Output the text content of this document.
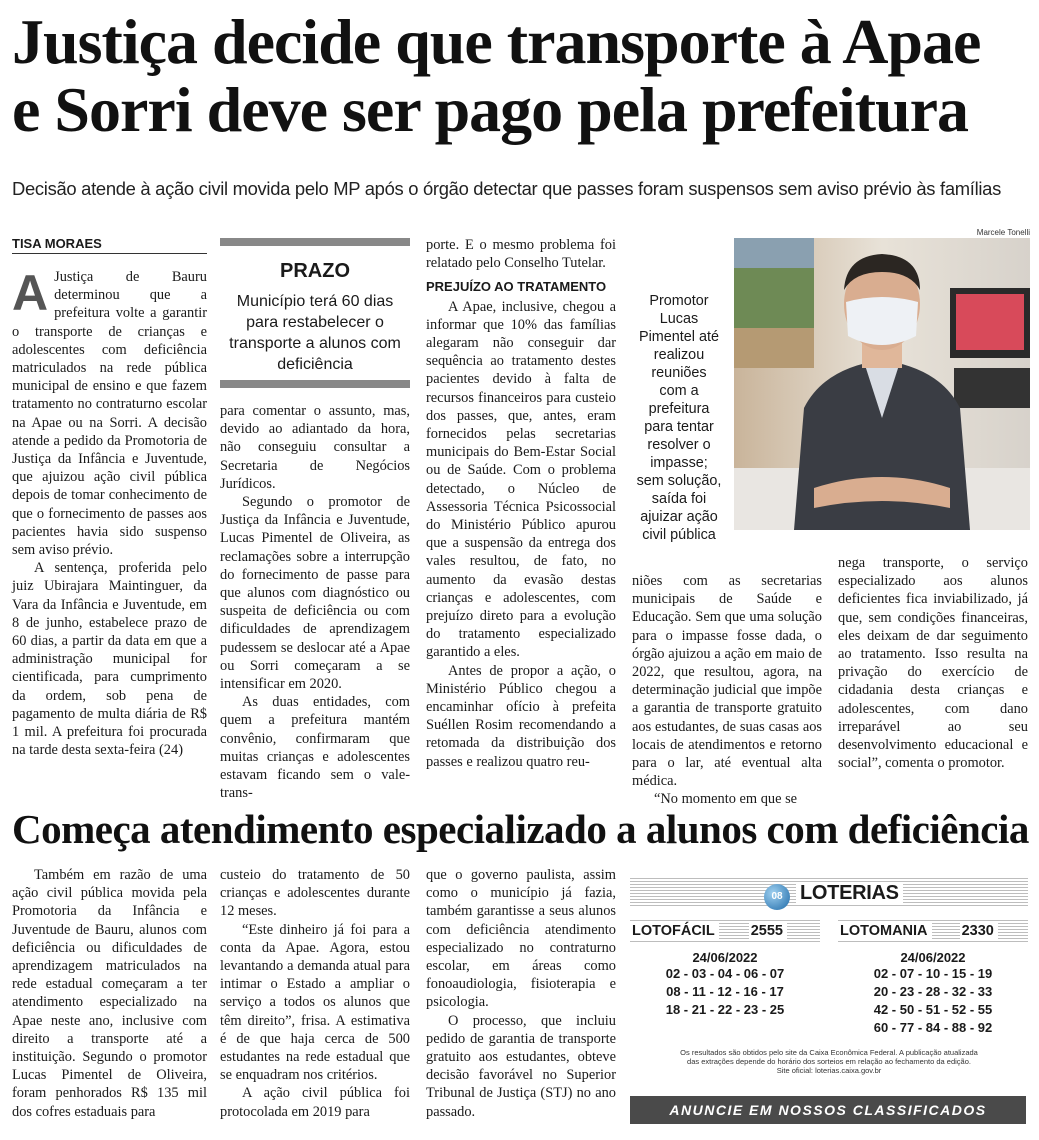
Justiça decide que transporte à Apae
e Sorri deve ser pago pela prefeitura
Decisão atende à ação civil movida pelo MP após o órgão detectar que passes foram suspensos sem aviso prévio às famílias
TISA MORAES

A Justiça de Bauru determinou que a prefeitura volte a garantir o transporte de crianças e adolescentes com deficiência matriculados na rede pública municipal de ensino e que fazem tratamento no contraturno escolar na Apae ou na Sorri. A decisão atende a pedido da Promotoria de Justiça da Infância e Juventude, que ajuizou ação civil pública depois de tomar conhecimento de que o fornecimento de passes aos pacientes havia sido suspenso sem aviso prévio.

A sentença, proferida pelo juiz Ubirajara Maintinguer, da Vara da Infância e Juventude, em 8 de junho, estabelece prazo de 60 dias, a partir da data em que a administração municipal for cientificada, para cumprimento da ordem, sob pena de pagamento de multa diária de R$ 1 mil. A prefeitura foi procurada na tarde desta sexta-feira (24)

PRAZO
Município terá 60 dias para restabelecer o transporte a alunos com deficiência

para comentar o assunto, mas, devido ao adiantado da hora, não conseguiu consultar a Secretaria de Negócios Jurídicos.

Segundo o promotor de Justiça da Infância e Juventude, Lucas Pimentel de Oliveira, as reclamações sobre a interrupção do fornecimento de passe para que alunos com diagnóstico ou suspeita de deficiência ou com dificuldades de aprendizagem pudessem se deslocar até a Apae ou Sorri começaram a se intensificar em 2020.

As duas entidades, com quem a prefeitura mantém convênio, confirmaram que muitas crianças e adolescentes estavam ficando sem o vale-trans-

porte. E o mesmo problema foi relatado pelo Conselho Tutelar.

PREJUÍZO AO TRATAMENTO

A Apae, inclusive, chegou a informar que 10% das famílias alegaram não conseguir dar sequência ao tratamento destes pacientes devido à falta de recursos financeiros para custeio dos passes, que, antes, eram fornecidos pelas secretarias municipais do Bem-Estar Social ou de Saúde. Com o problema detectado, o Núcleo de Assessoria Técnica Psicossocial do Ministério Público apurou que a suspensão da entrega dos vales resultou, de fato, no aumento da evasão destas crianças e adolescentes, com prejuízo direto para a evolução do tratamento especializado garantido a eles.

Antes de propor a ação, o Ministério Público chegou a encaminhar ofício à prefeita Suéllen Rosim recomendando a retomada da distribuição dos passes e realizou quatro reu-

Marcele Tonelli
Promotor Lucas Pimentel até realizou reuniões com a prefeitura para tentar resolver o impasse; sem solução, saída foi ajuizar ação civil pública

niões com as secretarias municipais de Saúde e Educação. Sem que uma solução para o impasse fosse dada, o órgão ajuizou a ação em maio de 2022, que resultou, agora, na determinação judicial que impõe a garantia de transporte gratuito aos estudantes, de suas casas aos locais de atendimentos e retorno para o lar, até eventual alta médica.

“No momento em que se

nega transporte, o serviço especializado aos alunos deficientes fica inviabilizado, já que, sem condições financeiras, eles deixam de dar seguimento ao tratamento. Isso resulta na privação do exercício de cidadania desta crianças e adolescentes, com dano irreparável ao seu desenvolvimento educacional e social”, comenta o promotor.

Começa atendimento especializado a alunos com deficiência

Também em razão de uma ação civil pública movida pela Promotoria da Infância e Juventude de Bauru, alunos com deficiência ou dificuldades de aprendizagem matriculados na rede estadual começaram a ter atendimento especializado na Apae neste ano, inclusive com direito a transporte até a instituição. Segundo o promotor Lucas Pimentel de Oliveira, foram penhorados R$ 135 mil dos cofres estaduais para

custeio do tratamento de 50 crianças e adolescentes durante 12 meses.

“Este dinheiro já foi para a conta da Apae. Agora, estou levantando a demanda atual para intimar o Estado a ampliar o serviço a todos os alunos que têm direito”, frisa. A estimativa é de que haja cerca de 500 estudantes na rede estadual que se enquadram nos critérios.

A ação civil pública foi protocolada em 2019 para

que o governo paulista, assim como o município já fazia, também garantisse a seus alunos com deficiência atendimento especializado no contraturno escolar, em áreas como fonoaudiologia, fisioterapia e psicologia.

O processo, que incluiu pedido de garantia de transporte gratuito aos estudantes, obteve decisão favorável no Superior Tribunal de Justiça (STJ) no ano passado.

08 LOTERIAS
LOTOFÁCIL 2555
24/06/2022
02 - 03 - 04 - 06 - 07
08 - 11 - 12 - 16 - 17
18 - 21 - 22 - 23 - 25
LOTOMANIA 2330
24/06/2022
02 - 07 - 10 - 15 - 19
20 - 23 - 28 - 32 - 33
42 - 50 - 51 - 52 - 55
60 - 77 - 84 - 88 - 92
Os resultados são obtidos pelo site da Caixa Econômica Federal. A publicação atualizada
das extrações depende do horário dos sorteios em relação ao fechamento da edição.
Site oficial: loterias.caixa.gov.br
ANUNCIE EM NOSSOS CLASSIFICADOS
